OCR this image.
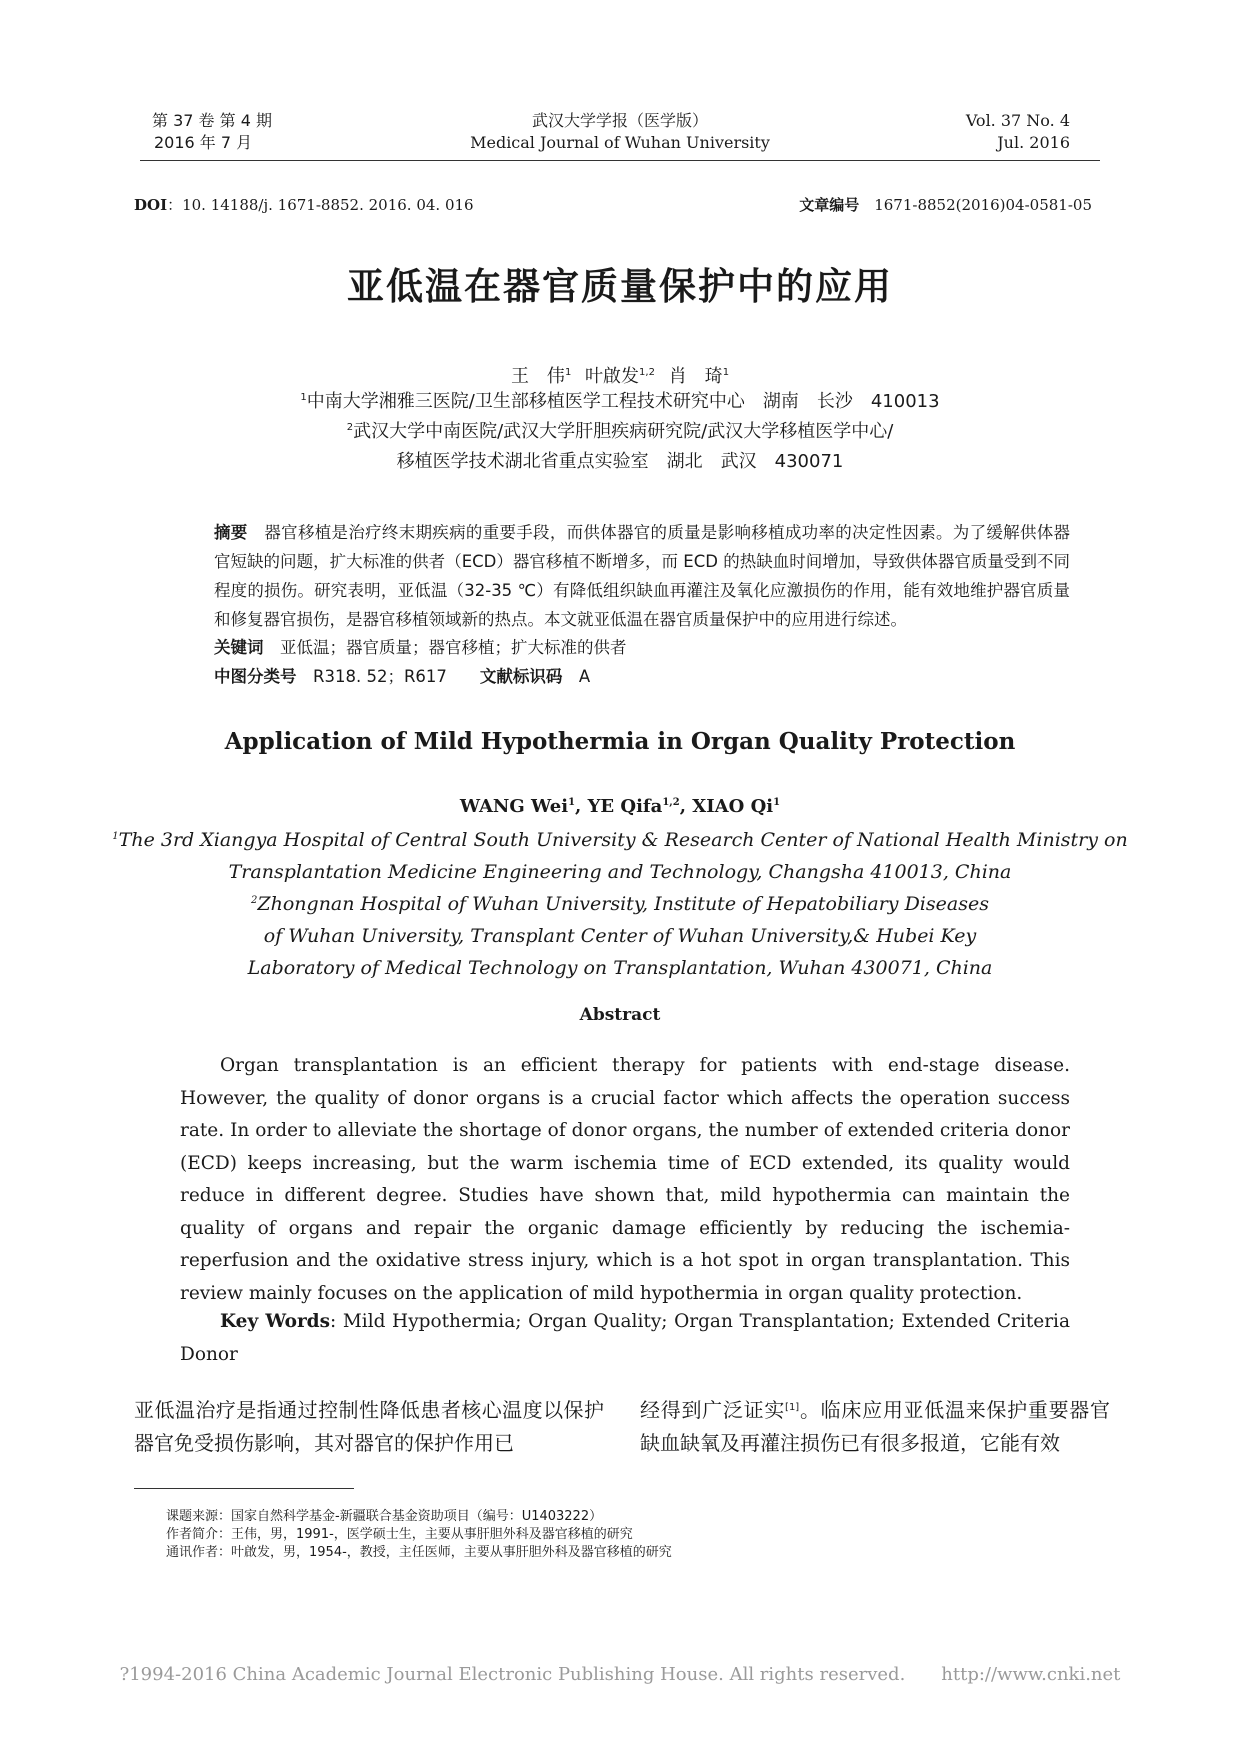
第 37 卷 第 4 期
2016 年 7 月
武汉大学学报（医学版）
Medical Journal of Wuhan University
Vol. 37 No. 4
Jul. 2016
DOI：10. 14188/j. 1671-8852. 2016. 04. 016	文章编号　 1671-8852(2016)04-0581-05
亚低温在器官质量保护中的应用
王　伟$^1$ 叶啟发$^{1,2}$ 肖　琦$^1$
$^1$中南大学湘雅三医院/卫生部移植医学工程技术研究中心　湖南　长沙　410013
$^2$武汉大学中南医院/武汉大学肝胆疾病研究院/武汉大学移植医学中心/
移植医学技术湖北省重点实验室　湖北　武汉　430071
摘要　 器官移植是治疗终末期疾病的重要手段，而供体器官的质量是影响移植成功率的决定性因素。为了缓解供体器官短缺的问题，扩大标准的供者（ECD）器官移植不断增多，而 ECD 的热缺血时间增加，导致供体器官质量受到不同程度的损伤。研究表明，亚低温（32-35 ℃）有降低组织缺血再灌注及氧化应激损伤的作用，能有效地维护器官质量和修复器官损伤，是器官移植领域新的热点。本文就亚低温在器官质量保护中的应用进行综述。
关键词　 亚低温；器官质量；器官移植；扩大标准的供者
中图分类号　 R318. 52；R617　　 文献标识码　 A
Application of Mild Hypothermia in Organ Quality Protection
WANG Wei$^1$, YE Qifa$^{1,2}$, XIAO Qi$^1$
$^1$The 3rd Xiangya Hospital of Central South University & Research Center of National Health Ministry on
Transplantation Medicine Engineering and Technology, Changsha 410013, China
$^2$Zhongnan Hospital of Wuhan University, Institute of Hepatobiliary Diseases
of Wuhan University, Transplant Center of Wuhan University,& Hubei Key
Laboratory of Medical Technology on Transplantation, Wuhan 430071, China
Abstract
Organ transplantation is an efficient therapy for patients with end-stage disease. However, the quality of donor organs is a crucial factor which affects the operation success rate. In order to alleviate the shortage of donor organs, the number of extended criteria donor (ECD) keeps increasing, but the warm ischemia time of ECD extended, its quality would reduce in different degree. Studies have shown that, mild hypothermia can maintain the quality of organs and repair the organic damage efficiently by reducing the ischemia-reperfusion and the oxidative stress injury, which is a hot spot in organ transplantation. This review mainly focuses on the application of mild hypothermia in organ quality protection.
Key Words: Mild Hypothermia; Organ Quality; Organ Transplantation; Extended Criteria Donor
亚低温治疗是指通过控制性降低患者核心温度以保护器官免受损伤影响，其对器官的保护作用已
经得到广泛证实[1]。临床应用亚低温来保护重要器官缺血缺氧及再灌注损伤已有很多报道，它能有效
课题来源：国家自然科学基金-新疆联合基金资助项目（编号：U1403222）
作者简介：王伟，男，1991-，医学硕士生，主要从事肝胆外科及器官移植的研究
通讯作者：叶啟发，男，1954-，教授，主任医师，主要从事肝胆外科及器官移植的研究
?1994-2016 China Academic Journal Electronic Publishing House. All rights reserved.　　http://www.cnki.net
